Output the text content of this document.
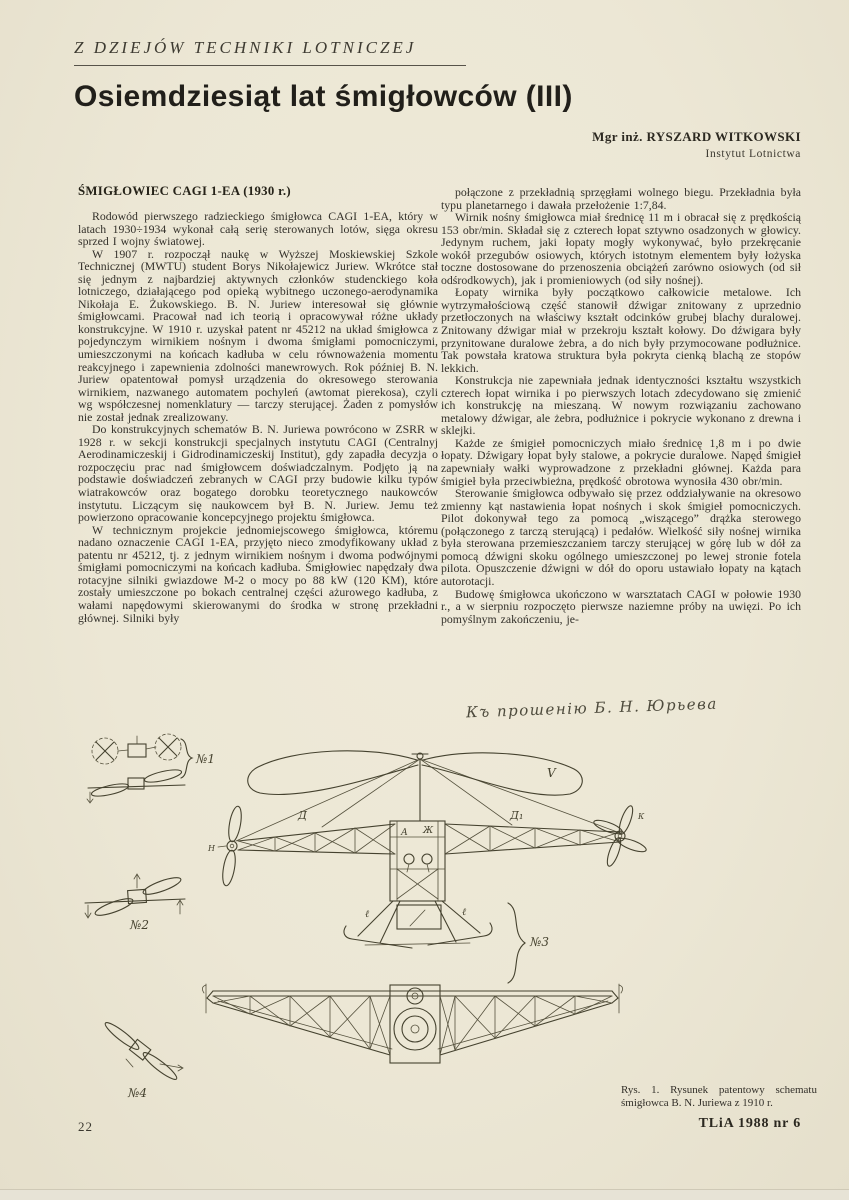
Z DZIEJÓW TECHNIKI LOTNICZEJ
Osiemdziesiąt lat śmigłowców (III)
Mgr inż. RYSZARD WITKOWSKI
Instytut Lotnictwa
ŚMIGŁOWIEC CAGI 1-EA (1930 r.)

Rodowód pierwszego radzieckiego śmigłowca CAGI 1-EA, który w latach 1930÷1934 wykonał całą serię sterowanych lotów, sięga okresu sprzed I wojny światowej.

W 1907 r. rozpoczął naukę w Wyższej Moskiewskiej Szkole Technicznej (MWTU) student Borys Nikołajewicz Juriew. Wkrótce stał się jednym z najbardziej aktywnych członków studenckiego koła lotniczego, działającego pod opieką wybitnego uczonego-aerodynamika Nikołaja E. Żukowskiego. B. N. Juriew interesował się głównie śmigłowcami. Pracował nad ich teorią i opracowywał różne układy konstrukcyjne. W 1910 r. uzyskał patent nr 45212 na układ śmigłowca z pojedynczym wirnikiem nośnym i dwoma śmigłami pomocniczymi, umieszczonymi na końcach kadłuba w celu równoważenia momentu reakcyjnego i zapewnienia zdolności manewrowych. Rok później B. N. Juriew opatentował pomysł urządzenia do okresowego sterowania wirnikiem, nazwanego automatem pochyleń (awtomat pierekosa), czyli wg współczesnej nomenklatury — tarczy sterującej. Żaden z pomysłów nie został jednak zrealizowany.

Do konstrukcyjnych schematów B. N. Juriewa powrócono w ZSRR w 1928 r. w sekcji konstrukcji specjalnych instytutu CAGI (Centralnyj Aerodinamiczeskij i Gidrodinamiczeskij Institut), gdy zapadła decyzja o rozpoczęciu prac nad śmigłowcem doświadczalnym. Podjęto ją na podstawie doświadczeń zebranych w CAGI przy budowie kilku typów wiatrakowców oraz bogatego dorobku teoretycznego naukowców instytutu. Liczącym się naukowcem był B. N. Juriew. Jemu też powierzono opracowanie koncepcyjnego projektu śmigłowca.

W technicznym projekcie jednomiejscowego śmigłowca, któremu nadano oznaczenie CAGI 1-EA, przyjęto nieco zmodyfikowany układ z patentu nr 45212, tj. z jednym wirnikiem nośnym i dwoma podwójnymi śmigłami pomocniczymi na końcach kadłuba. Śmigłowiec napędzały dwa rotacyjne silniki gwiazdowe M-2 o mocy po 88 kW (120 KM), które zostały umieszczone po bokach centralnej części ażurowego kadłuba, z wałami napędowymi skierowanymi do środka w stronę przekładni głównej. Silniki były

połączone z przekładnią sprzęgłami wolnego biegu. Przekładnia była typu planetarnego i dawała przełożenie 1:7,84.

Wirnik nośny śmigłowca miał średnicę 11 m i obracał się z prędkością 153 obr/min. Składał się z czterech łopat sztywno osadzonych w głowicy. Jedynym ruchem, jaki łopaty mogły wykonywać, było przekręcanie wokół przegubów osiowych, których istotnym elementem były łożyska toczne dostosowane do przenoszenia obciążeń zarówno osiowych (od sił odśrodkowych), jak i promieniowych (od siły nośnej).

Łopaty wirnika były początkowo całkowicie metalowe. Ich wytrzymałościową część stanowił dźwigar znitowany z uprzednio przetłoczonych na właściwy kształt odcinków grubej blachy duralowej. Znitowany dźwigar miał w przekroju kształt kołowy. Do dźwigara były przynitowane duralowe żebra, a do nich były przymocowane podłużnice. Tak powstała kratowa struktura była pokryta cienką blachą ze stopów lekkich.

Konstrukcja nie zapewniała jednak identyczności kształtu wszystkich czterech łopat wirnika i po pierwszych lotach zdecydowano się zmienić ich konstrukcję na mieszaną. W nowym rozwiązaniu zachowano metalowy dźwigar, ale żebra, podłużnice i pokrycie wykonano z drewna i sklejki.

Każde ze śmigieł pomocniczych miało średnicę 1,8 m i po dwie łopaty. Dźwigary łopat były stalowe, a pokrycie duralowe. Napęd śmigieł zapewniały wałki wyprowadzone z przekładni głównej. Każda para śmigieł była przeciwbieżna, prędkość obrotowa wynosiła 430 obr/min.

Sterowanie śmigłowca odbywało się przez oddziaływanie na okresowo zmienny kąt nastawienia łopat nośnych i skok śmigieł pomocniczych. Pilot dokonywał tego za pomocą „wiszącego” drążka sterowego (połączonego z tarczą sterującą) i pedałów. Wielkość siły nośnej wirnika była sterowana przemieszczaniem tarczy sterującej w górę lub w dół za pomocą dźwigni skoku ogólnego umieszczonej po lewej stronie fotela pilota. Opuszczenie dźwigni w dół do oporu ustawiało łopaty na kątach autorotacji.

Budowę śmigłowca ukończono w warsztatach CAGI w połowie 1930 r., a w sierpniu rozpoczęto pierwsze naziemne próby na uwięzi. Po ich pomyślnym zakończeniu, je-

Къ прошенію Б. Н. Юрьева
№1
№2
V
Д	Д₁
Н
К
А Ж
ℓ	ℓ
№3
№4	Rys. 1. Rysunek patentowy schematu śmigłowca B. N. Juriewa z 1910 r.
22	TLiA 1988 nr 6
